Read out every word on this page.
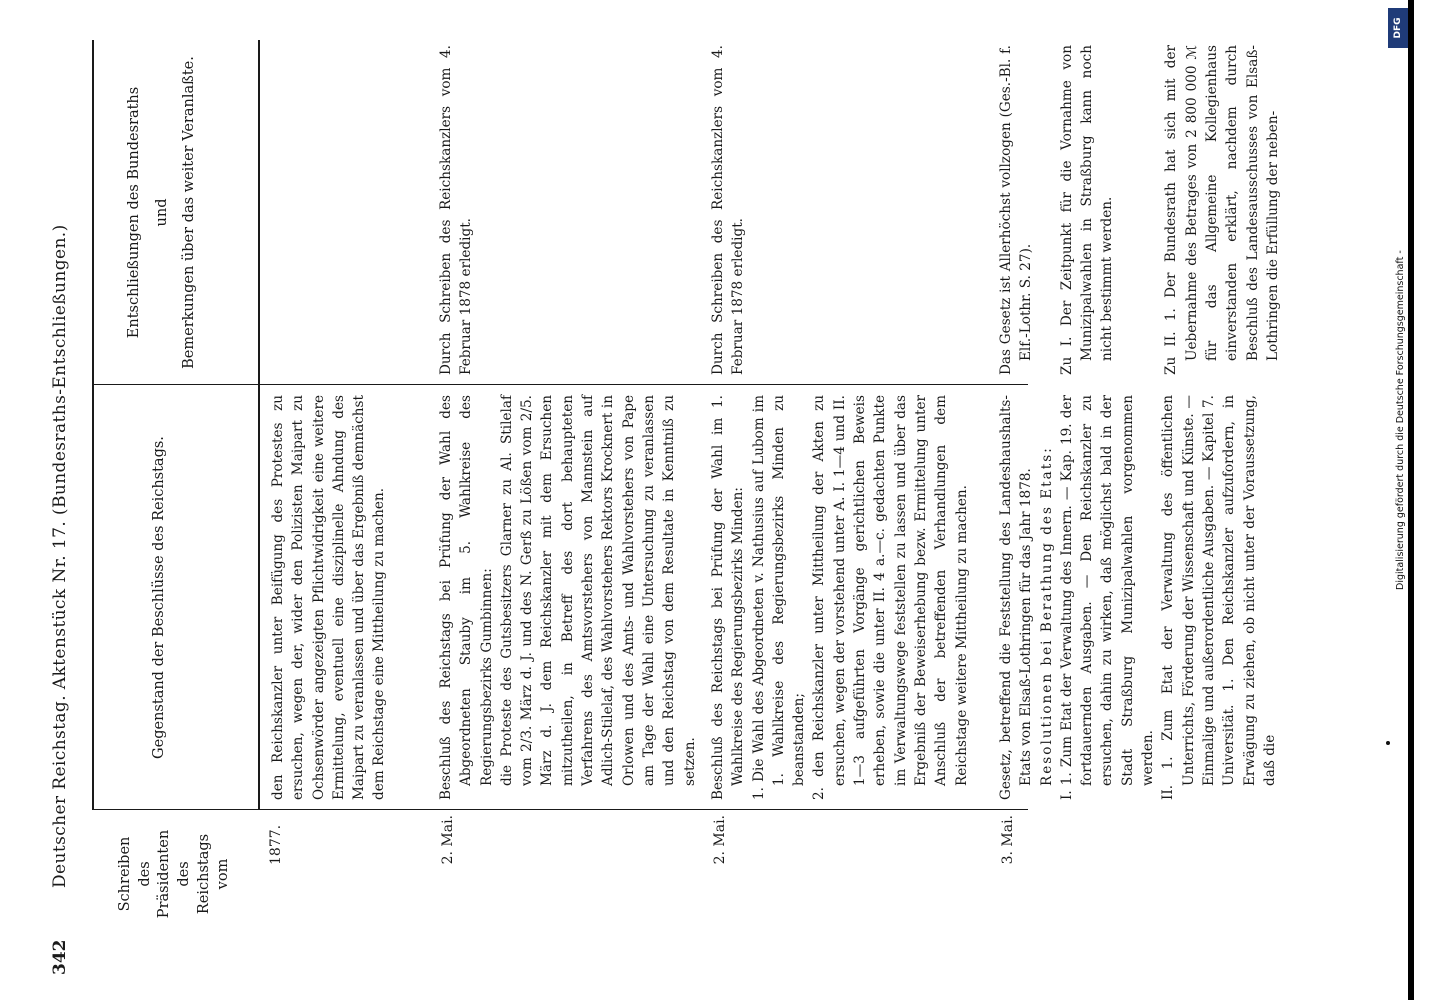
342
Deutscher Reichstag. Aktenstück Nr. 17. (Bundesraths-Entschließungen.)	Schreiben des Präsidenten des Reichstags vom
Gegenstand der Beschlüsse des Reichstags.
Entschließungen des Bundesraths und Bemerkungen über das weiter Veranlaßte.
1877.

den Reichskanzler unter Beifügung des Protestes zu ersuchen, wegen der, wider den Polizisten Maipart zu Ochsenwörder angezeigten Pflichtwidrigkeit eine weitere Ermittelung, eventuell eine disziplinelle Ahndung des Maipart zu veranlassen und über das Ergebniß demnächst dem Reichstage eine Mittheilung zu machen.

2. Mai.

Beschluß des Reichstags bei Prüfung der Wahl des Abgeordneten Stauby im 5. Wahlkreise des Regierungsbezirks Gumbinnen: die Proteste des Gutsbesitzers Glarner zu Al. Stilelaf vom 2/3. März d. J. und des N. Gerß zu Lößen vom 2/5. März d. J. dem Reichskanzler mit dem Ersuchen mitzutheilen, in Betreff des dort behaupteten Verfahrens des Amtsvorstehers von Mannstein auf Adlich-Stilelaf, des Wahlvorstehers Rektors Krocknert in Orlowen und des Amts- und Wahlvorstehers von Pape am Tage der Wahl eine Untersuchung zu veranlassen und den Reichstag von dem Resultate in Kenntniß zu setzen.

Durch Schreiben des Reichskanzlers vom 4. Februar 1878 erledigt.
2. Mai.

Beschluß des Reichstags bei Prüfung der Wahl im 1. Wahlkreise des Regierungsbezirks Minden: 1. Die Wahl des Abgeordneten v. Nathusius auf Lubom im 1. Wahlkreise des Regierungsbezirks Minden zu beanstanden; 2. den Reichskanzler unter Mittheilung der Akten zu ersuchen, wegen der vorstehend unter A. I. 1—4 und II. 1—3 aufgeführten Vorgänge gerichtlichen Beweis erheben, sowie die unter II. 4 a.—c. gedachten Punkte im Verwaltungswege feststellen zu lassen und über das Ergebniß der Beweiserhebung bezw. Ermittelung unter Anschluß der betreffenden Verhandlungen dem Reichstage weitere Mittheilung zu machen.

Durch Schreiben des Reichskanzlers vom 4. Februar 1878 erledigt.
3. Mai.

Gesetz, betreffend die Feststellung des Landeshaushalts-Etats von Elsaß-Lothringen für das Jahr 1878. Resolutionen bei Berathung des Etats: I. 1. Zum Etat der Verwaltung des Innern. — Kap. 19. der fortdauernden Ausgaben. — Den Reichskanzler zu ersuchen, dahin zu wirken, daß möglichst bald in der Stadt Straßburg Munizipalwahlen vorgenommen werden. II. 1. Zum Etat der Verwaltung des öffentlichen Unterrichts, Förderung der Wissenschaft und Künste. — Einmalige und außerordentliche Ausgaben. — Kapitel 7. Universität. 1. Den Reichskanzler aufzufordern, in Erwägung zu ziehen, ob nicht unter der Voraussetzung, daß die

Das Gesetz ist Allerhöchst vollzogen (Ges.-Bl. f. Elf.-Lothr. S. 27). Zu I. Der Zeitpunkt für die Vornahme von Munizipalwahlen in Straßburg kann noch nicht bestimmt werden.	Zu II. 1. Der Bundesrath hat sich mit der Uebernahme des Betrages von 2 800 000 ℳ für das Allgemeine Kollegienhaus einverstanden erklärt, nachdem durch Beschluß des Landesausschusses von Elsaß-Lothringen die Erfüllung der neben-

Digitalisierung gefördert durch die Deutsche Forschungsgemeinschaft -
DFG
